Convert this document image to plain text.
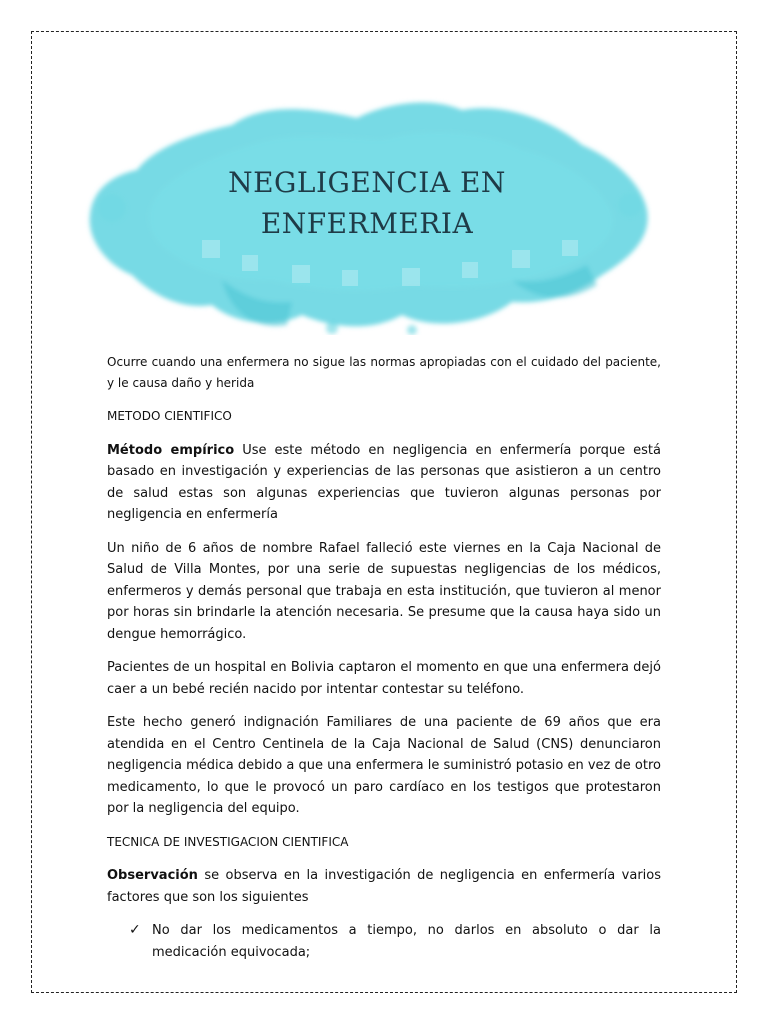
NEGLIGENCIA EN
ENFERMERIA

Ocurre cuando una enfermera no sigue las normas apropiadas con el cuidado del paciente, y le causa daño y herida

METODO CIENTIFICO

Método empírico Use este método en negligencia en enfermería porque está basado en investigación y experiencias de las personas que asistieron a un centro de salud estas son algunas experiencias que tuvieron algunas personas por negligencia en enfermería

Un niño de 6 años de nombre Rafael falleció este viernes en la Caja Nacional de Salud de Villa Montes, por una serie de supuestas negligencias de los médicos, enfermeros y demás personal que trabaja en esta institución, que tuvieron al menor por horas sin brindarle la atención necesaria. Se presume que la causa haya sido un dengue hemorrágico.

Pacientes de un hospital en Bolivia captaron el momento en que una enfermera dejó caer a un bebé recién nacido por intentar contestar su teléfono.

Este hecho generó indignación Familiares de una paciente de 69 años que era atendida en el Centro Centinela de la Caja Nacional de Salud (CNS) denunciaron negligencia médica debido a que una enfermera le suministró potasio en vez de otro medicamento, lo que le provocó un paro cardíaco en los testigos que protestaron por la negligencia del equipo.

TECNICA DE INVESTIGACION CIENTIFICA

Observación se observa en la investigación de negligencia en enfermería varios factores que son los siguientes

✓ No dar los medicamentos a tiempo, no darlos en absoluto o dar la medicación equivocada;
